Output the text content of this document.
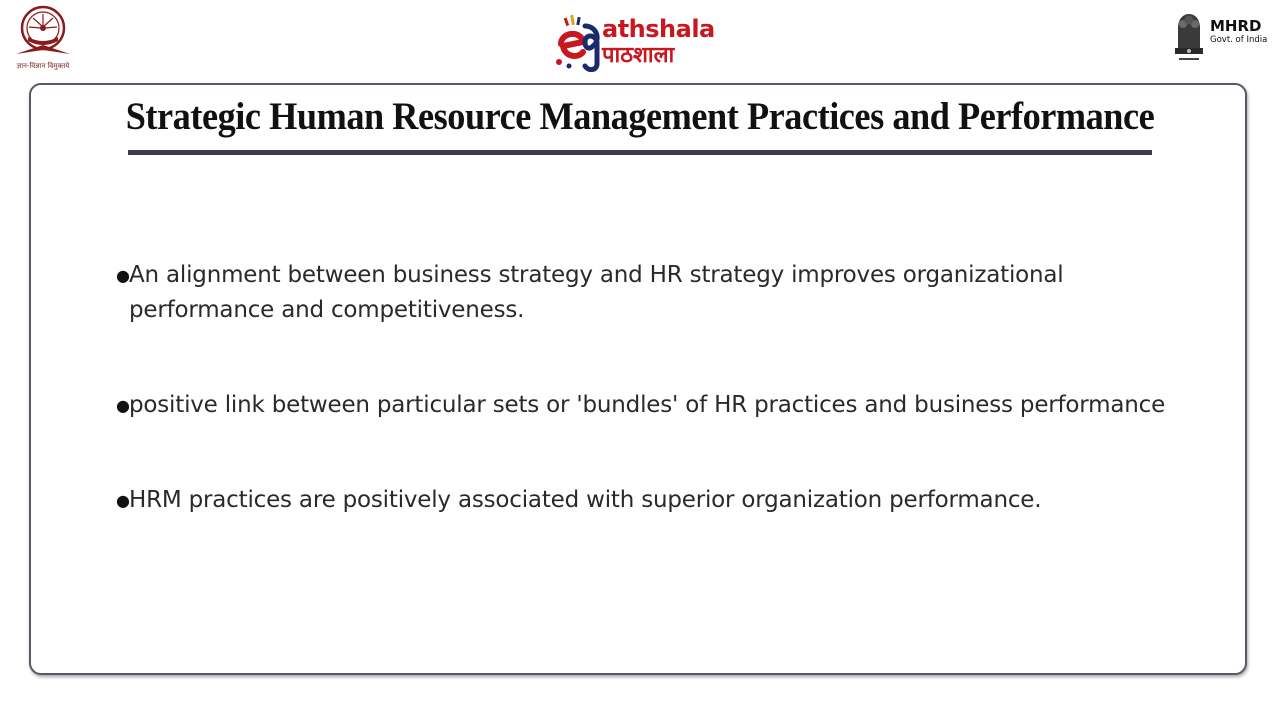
ज्ञान-विज्ञान विमुक्तये
athshala
पाठशाला
MHRD
Govt. of India
Strategic Human Resource Management Practices and Performance
● An alignment between business strategy and HR strategy improves organizational performance and competitiveness.
● positive link between particular sets or 'bundles' of HR practices and business performance
● HRM practices are positively associated with superior organization performance.
